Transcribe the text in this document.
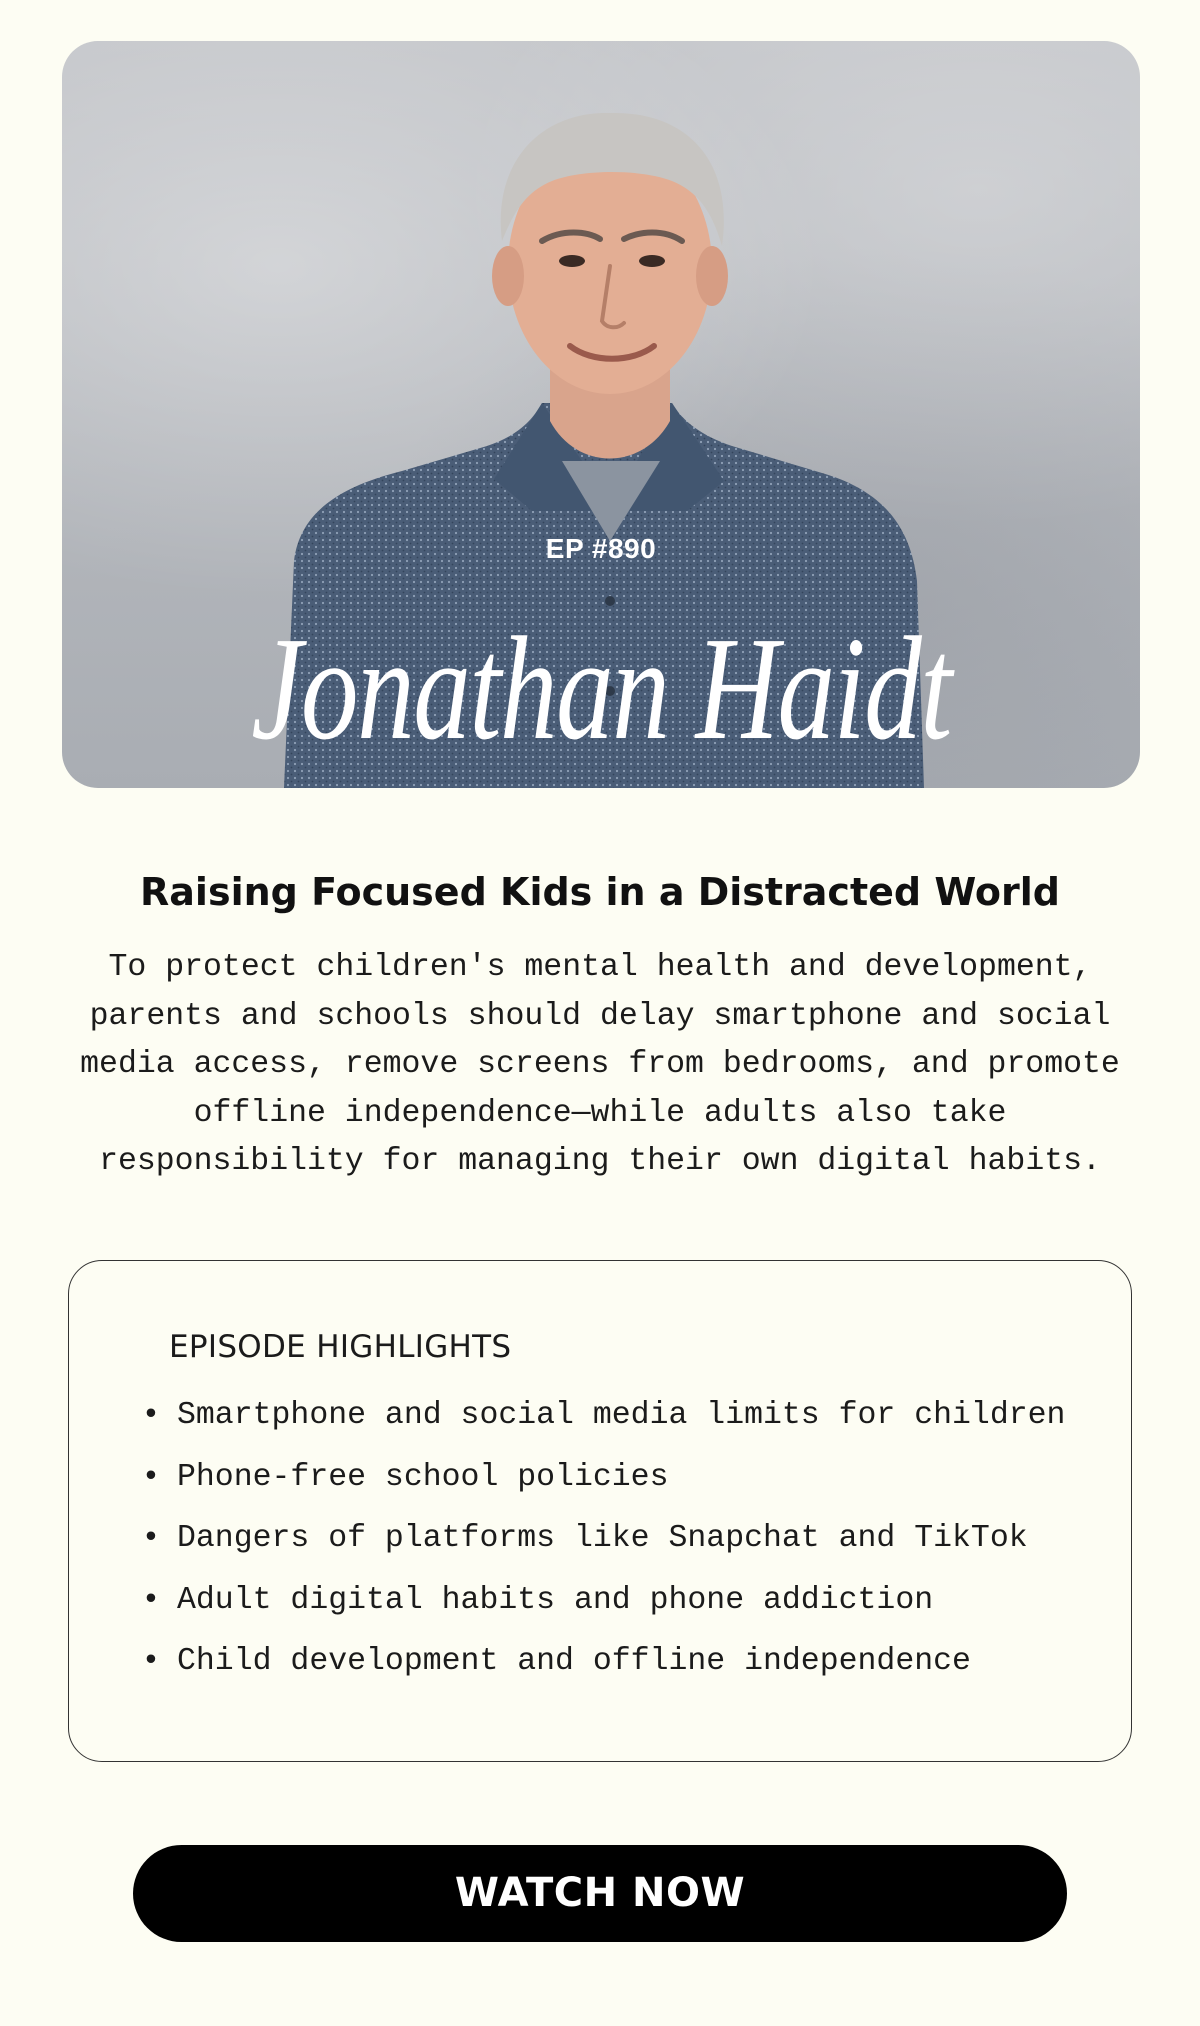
EP #890
Jonathan Haidt
Raising Focused Kids in a Distracted World
To protect children's mental health and development, parents and schools should delay smartphone and social media access, remove screens from bedrooms, and promote offline independence—while adults also take responsibility for managing their own digital habits.
EPISODE HIGHLIGHTS
• Smartphone and social media limits for children
• Phone-free school policies
• Dangers of platforms like Snapchat and TikTok
• Adult digital habits and phone addiction
• Child development and offline independence
WATCH NOW
